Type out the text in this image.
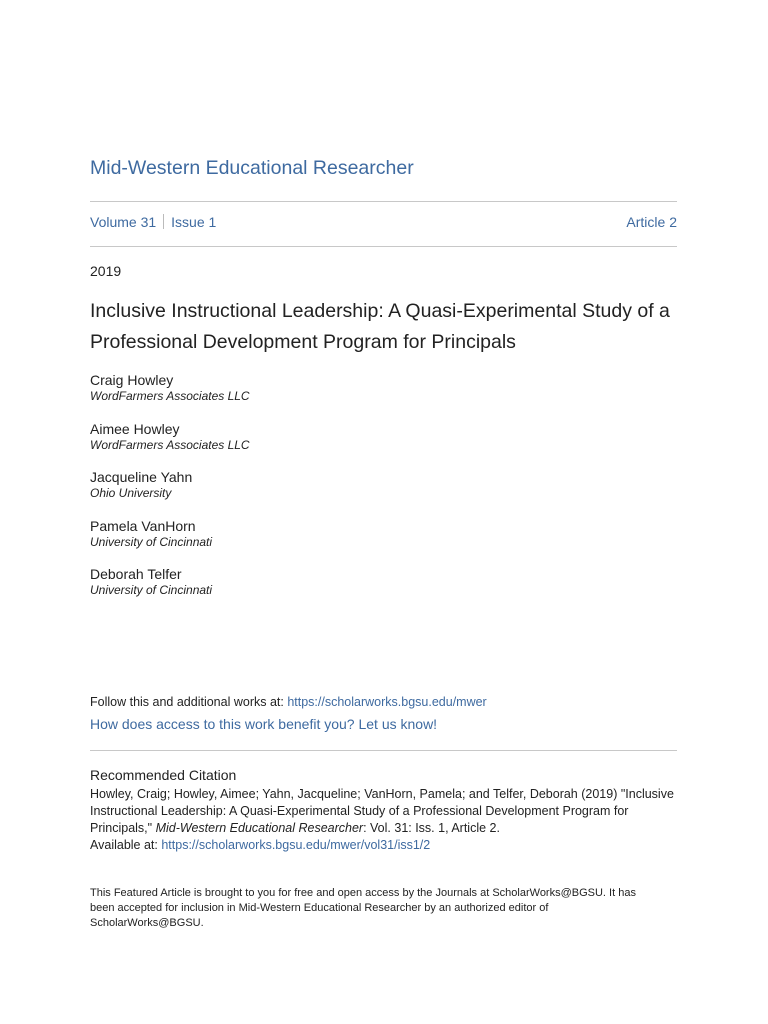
Mid-Western Educational Researcher
Volume 31 Issue 1	Article 2
2019
Inclusive Instructional Leadership: A Quasi-Experimental Study of a Professional Development Program for Principals
Craig Howley
WordFarmers Associates LLC
Aimee Howley
WordFarmers Associates LLC
Jacqueline Yahn
Ohio University
Pamela VanHorn
University of Cincinnati
Deborah Telfer
University of Cincinnati
Follow this and additional works at: https://scholarworks.bgsu.edu/mwer
How does access to this work benefit you? Let us know!
Recommended Citation
Howley, Craig; Howley, Aimee; Yahn, Jacqueline; VanHorn, Pamela; and Telfer, Deborah (2019) "Inclusive Instructional Leadership: A Quasi-Experimental Study of a Professional Development Program for Principals," Mid-Western Educational Researcher: Vol. 31: Iss. 1, Article 2.
Available at: https://scholarworks.bgsu.edu/mwer/vol31/iss1/2
This Featured Article is brought to you for free and open access by the Journals at ScholarWorks@BGSU. It has been accepted for inclusion in Mid-Western Educational Researcher by an authorized editor of ScholarWorks@BGSU.
